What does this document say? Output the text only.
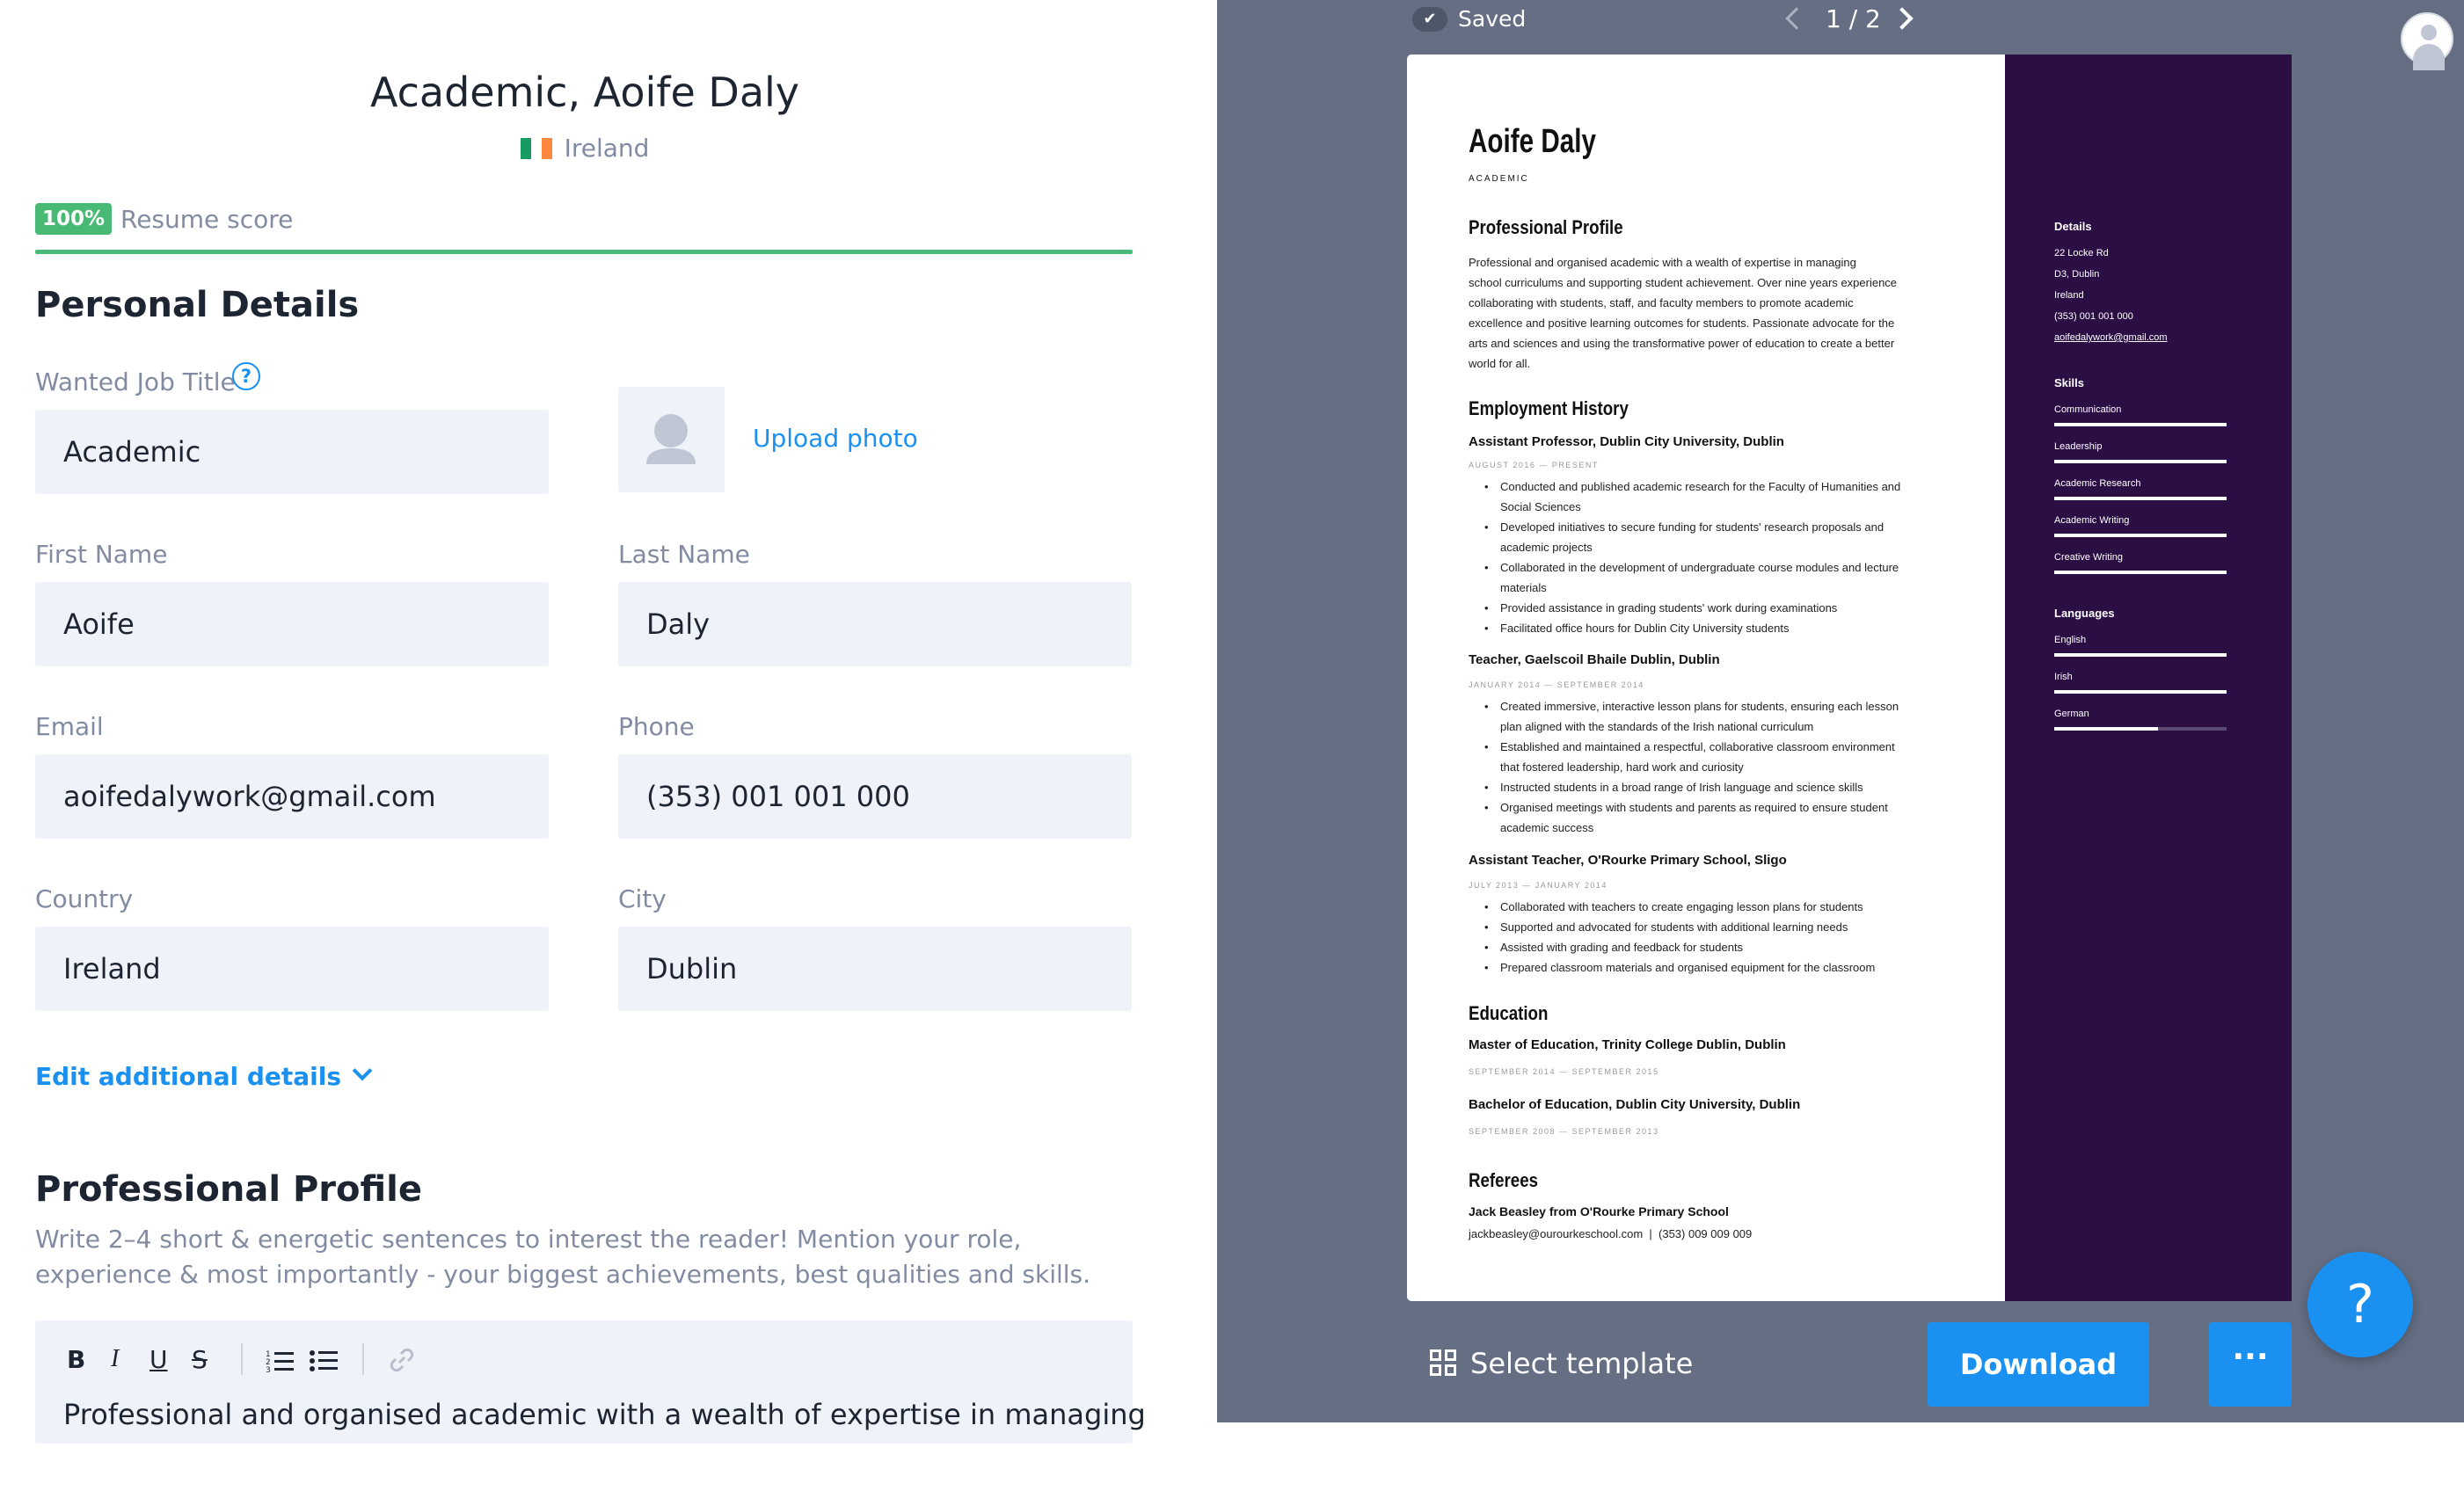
Academic, Aoife Daly
Ireland
100% Resume score
Personal Details
Wanted Job Title ?
Academic	Upload photo
First Name
Aoife
Last Name
Daly
Email
aoifedalywork@gmail.com
Phone
(353) 001 001 000
Country
Ireland
City
Dublin
Edit additional details
Professional Profile
Write 2–4 short & energetic sentences to interest the reader! Mention your role, experience & most importantly - your biggest achievements, best qualities and skills.
B I U S	1
2
3
Professional and organised academic with a wealth of expertise in managing
✔ Saved	1 / 2
Aoife Daly
ACADEMIC
Professional Profile
Professional and organised academic with a wealth of expertise in managing
school curriculums and supporting student achievement. Over nine years experience
collaborating with students, staff, and faculty members to promote academic
excellence and positive learning outcomes for students. Passionate advocate for the
arts and sciences and using the transformative power of education to create a better
world for all.
Employment History
Assistant Professor, Dublin City University, Dublin
AUGUST 2016 — PRESENT
• Conducted and published academic research for the Faculty of Humanities and
Social Sciences
• Developed initiatives to secure funding for students' research proposals and
academic projects
• Collaborated in the development of undergraduate course modules and lecture
materials
• Provided assistance in grading students' work during examinations
• Facilitated office hours for Dublin City University students
Teacher, Gaelscoil Bhaile Dublin, Dublin
JANUARY 2014 — SEPTEMBER 2014
• Created immersive, interactive lesson plans for students, ensuring each lesson
plan aligned with the standards of the Irish national curriculum
• Established and maintained a respectful, collaborative classroom environment
that fostered leadership, hard work and curiosity
• Instructed students in a broad range of Irish language and science skills
• Organised meetings with students and parents as required to ensure student
academic success
Assistant Teacher, O'Rourke Primary School, Sligo
JULY 2013 — JANUARY 2014
• Collaborated with teachers to create engaging lesson plans for students
• Supported and advocated for students with additional learning needs
• Assisted with grading and feedback for students
• Prepared classroom materials and organised equipment for the classroom
Education
Master of Education, Trinity College Dublin, Dublin
SEPTEMBER 2014 — SEPTEMBER 2015
Bachelor of Education, Dublin City University, Dublin
SEPTEMBER 2008 — SEPTEMBER 2013
Referees
Jack Beasley from O'Rourke Primary School
jackbeasley@ourourkeschool.com  |  (353) 009 009 009
Details
22 Locke Rd
D3, Dublin
Ireland
(353) 001 001 000
aoifedalywork@gmail.com
Skills
Communication
Leadership
Academic Research
Academic Writing
Creative Writing
Languages
English
Irish
German
Select template	Download PDF
···
?
